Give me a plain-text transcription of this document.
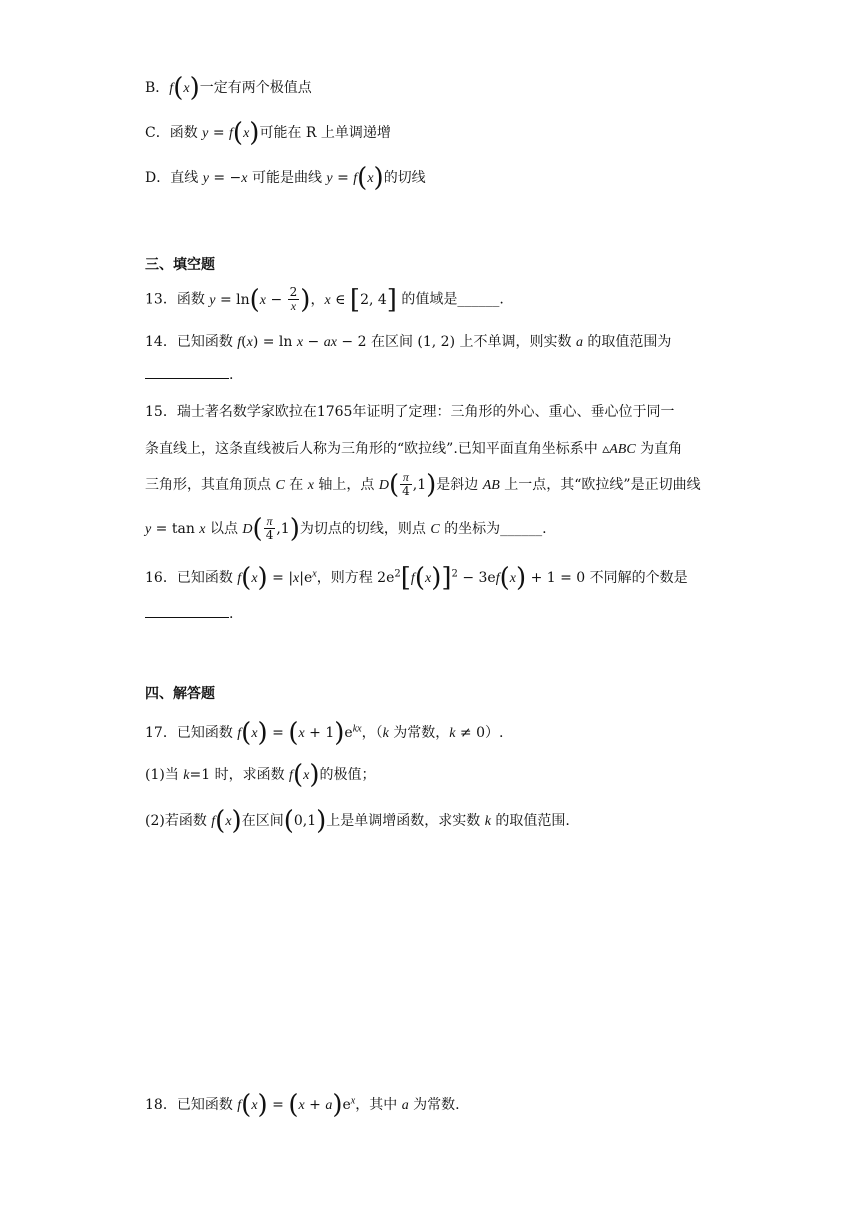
B．f(x)一定有两个极值点
C．函数 y = f(x)可能在 R 上单调递增
D．直线 y = −x 可能是曲线 y = f(x)的切线
三、填空题
13．函数 $y = \ln(x - \frac{2}{x}$ )，x ∈ [2, 4] 的值域是______.
14．已知函数 f(x) = ln x − ax − 2 在区间 (1, 2) 上不单调，则实数 a 的取值范围为
.
15．瑞士著名数学家欧拉在1765年证明了定理：三角形的外心、重心、垂心位于同一
条直线上，这条直线被后人称为三角形的“欧拉线”.已知平面直角坐标系中 ▵ABC 为直角
三角形，其直角顶点 C 在 x 轴上，点 $D( \frac{\pi}{4} ,1)$是斜边 AB 上一点，其“欧拉线”是正切曲线
y = tan x 以点 $D( \frac{\pi}{4} ,1)$为切点的切线，则点 C 的坐标为______.
16．已知函数 $f(x) = |x|e^x$，则方程 $2e^2[f(x)]^2 - 3ef(x) + 1 = 0$ 不同解的个数是
.
四、解答题
17．已知函数 $f(x) = (x + 1)e^{kx}$，（k 为常数，k ≠ 0）.
(1)当 k=1 时，求函数 f(x)的极值；
(2)若函数 f(x)在区间(0,1)上是单调增函数，求实数 k 的取值范围.
18．已知函数 $f(x) = (x + a)e^x$，其中 a 为常数.
